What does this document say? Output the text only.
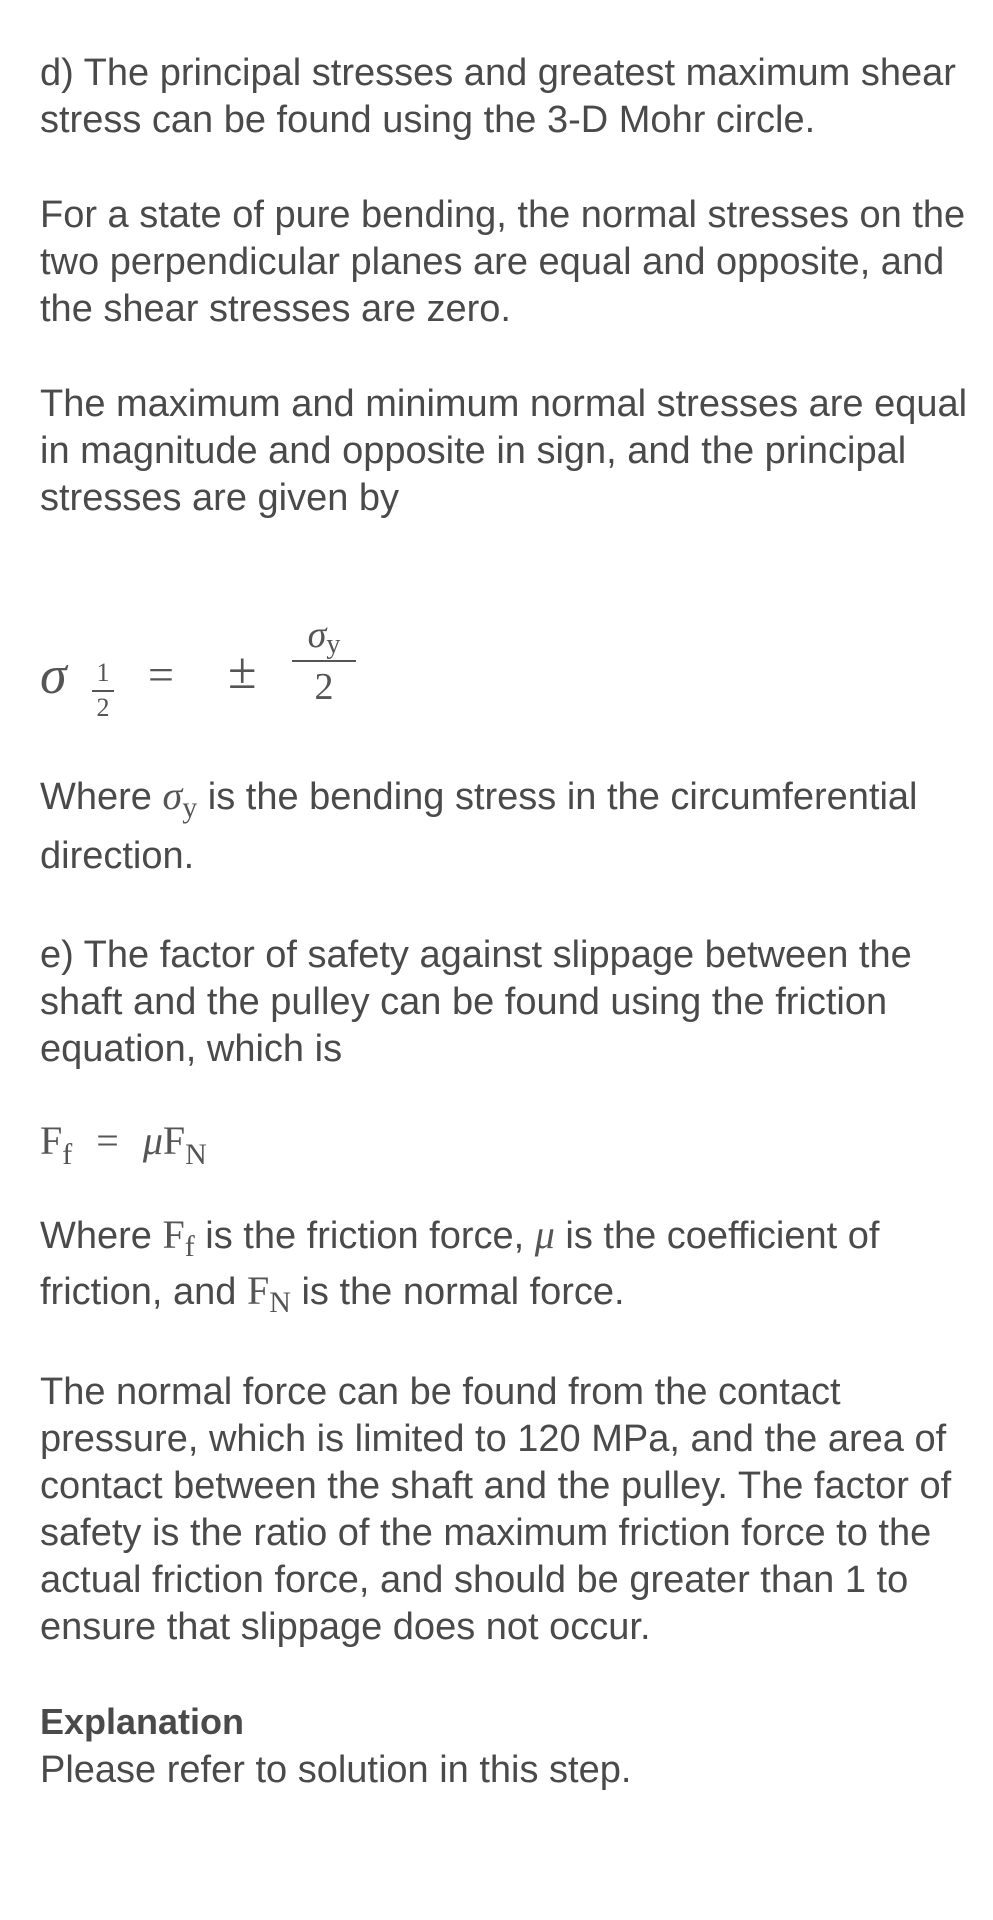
d) The principal stresses and greatest maximum shear stress can be found using the 3-D Mohr circle.

For a state of pure bending, the normal stresses on the two perpendicular planes are equal and opposite, and the shear stresses are zero.

The maximum and minimum normal stresses are equal in magnitude and opposite in sign, and the principal stresses are given by

σ 1
2
= ±
σy
2

Where $\sigma_y$ is the bending stress in the circumferential direction.

e) The factor of safety against slippage between the shaft and the pulley can be found using the friction equation, which is

$F_f = \mu F_N$

Where $F_f$ is the friction force, μ is the coefficient of friction, and $F_N$ is the normal force.

The normal force can be found from the contact pressure, which is limited to 120 MPa, and the area of contact between the shaft and the pulley. The factor of safety is the ratio of the maximum friction force to the actual friction force, and should be greater than 1 to ensure that slippage does not occur.

Explanation

Please refer to solution in this step.
